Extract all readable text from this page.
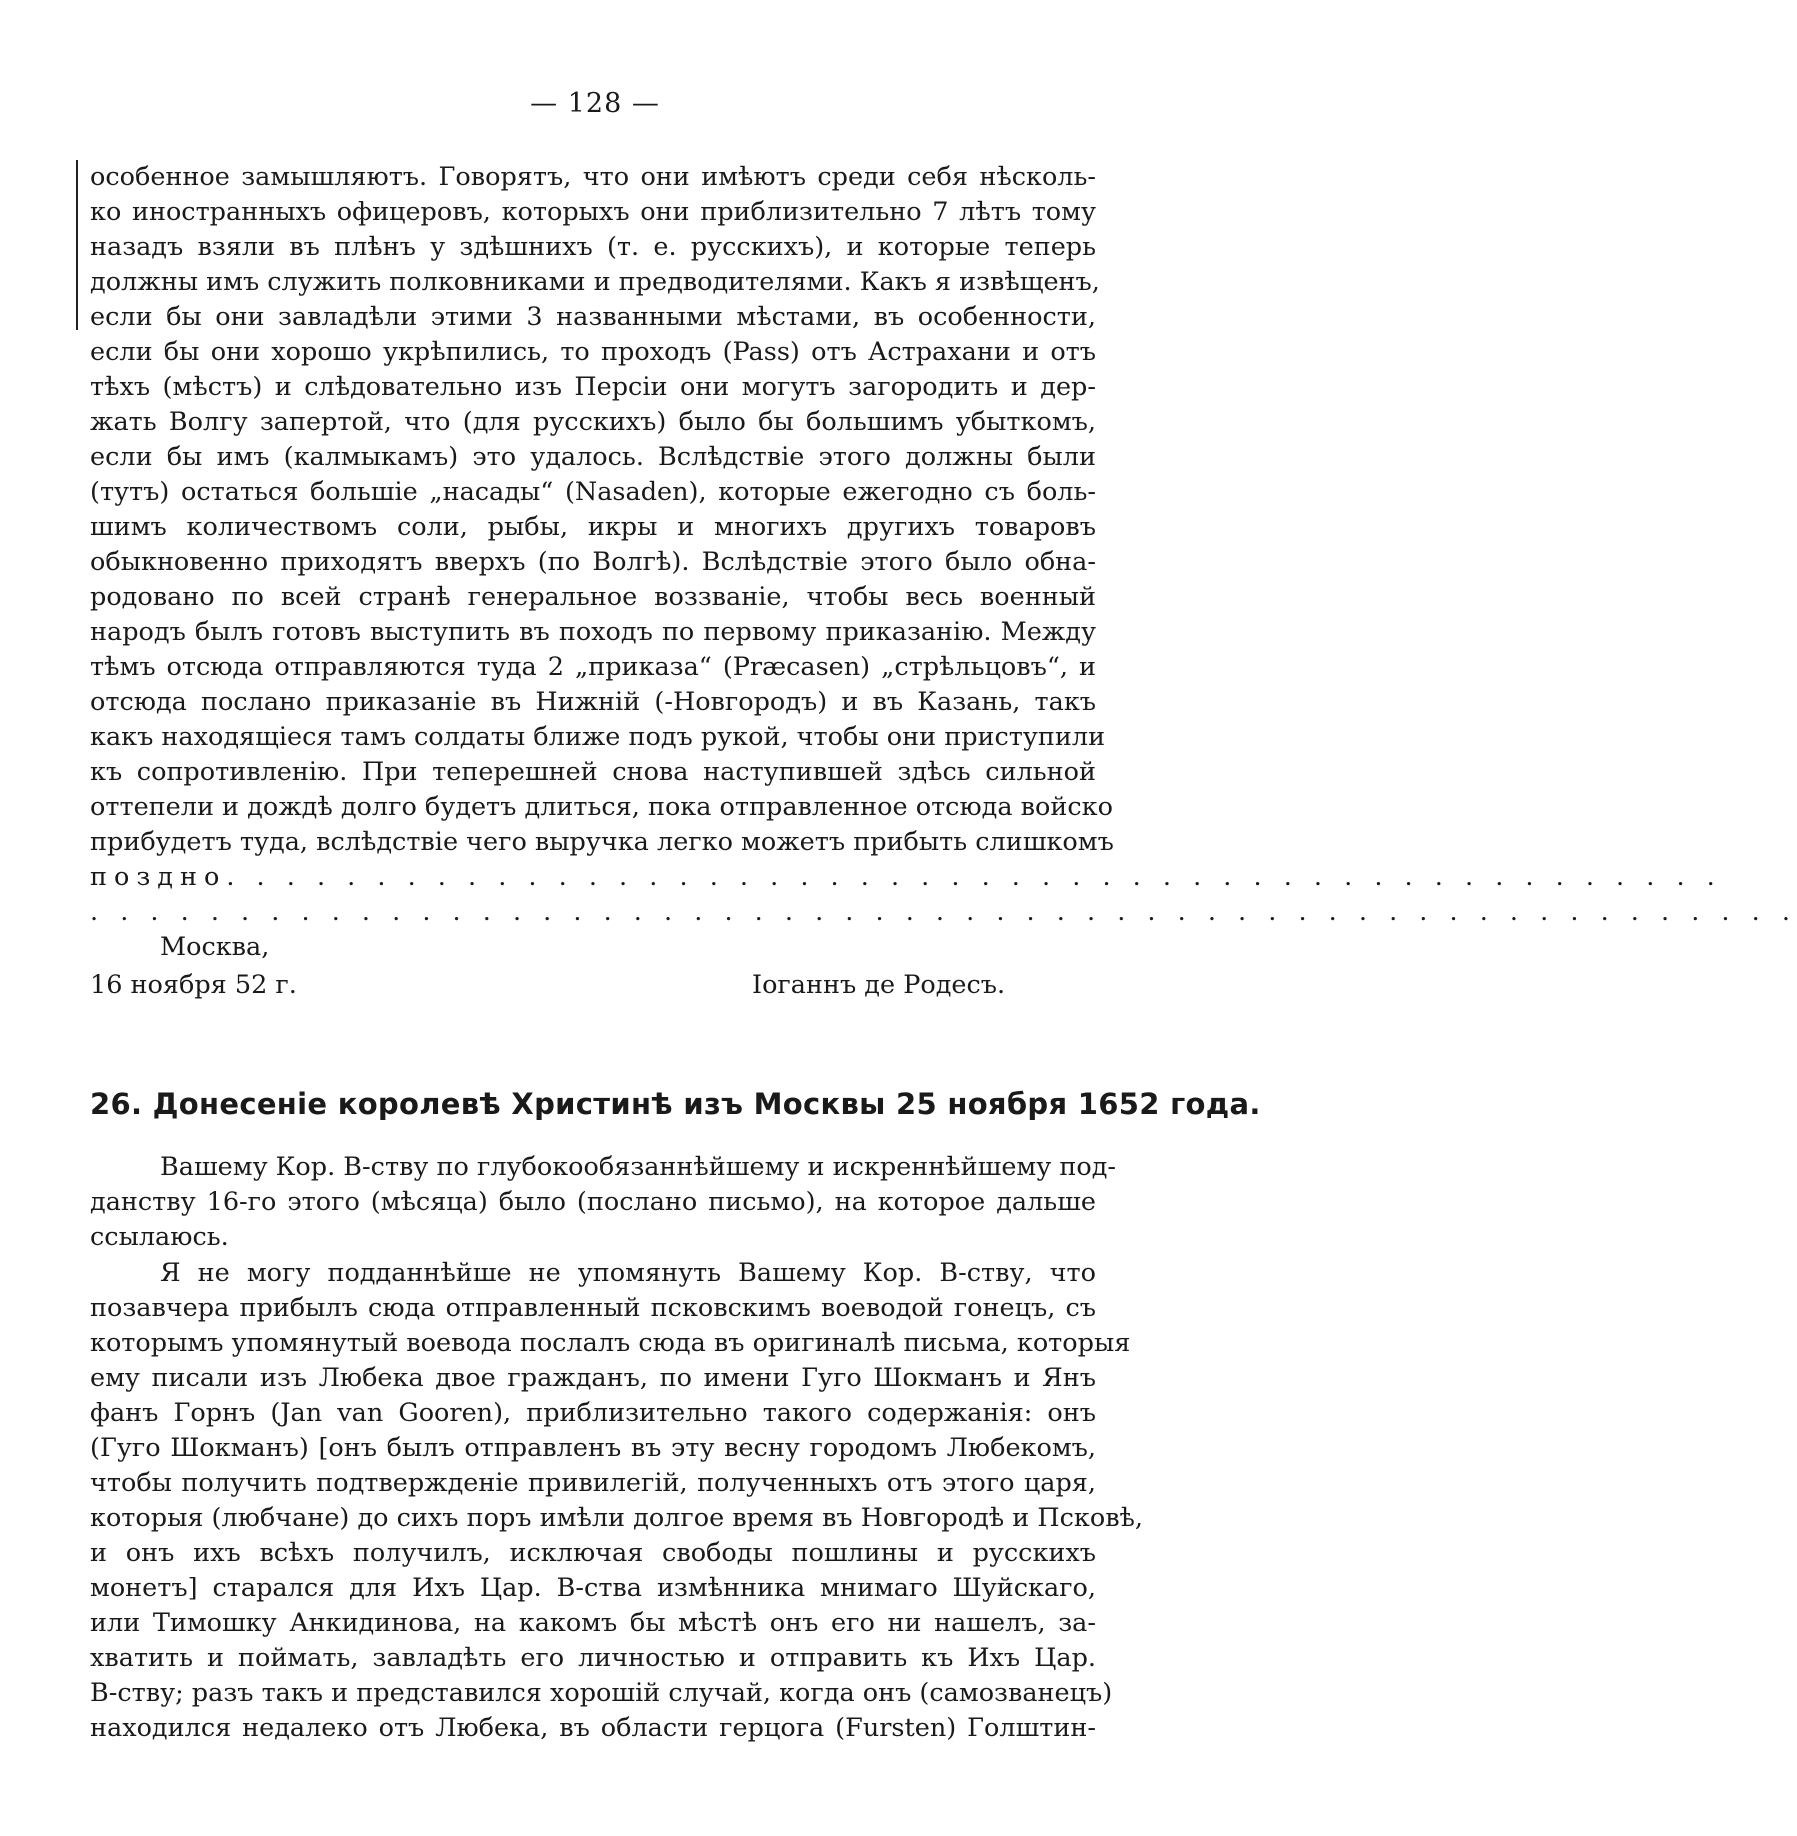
— 128 —
особенное замышляютъ. Говорятъ, что они имѣютъ среди себя нѣсколь-
ко иностранныхъ офицеровъ, которыхъ они приблизительно 7 лѣтъ тому
назадъ взяли въ плѣнъ у здѣшнихъ (т. е. русскихъ), и которые теперь
должны имъ служить полковниками и предводителями. Какъ я извѣщенъ,
если бы они завладѣли этими 3 названными мѣстами, въ особенности,
если бы они хорошо укрѣпились, то проходъ (Pass) отъ Астрахани и отъ
тѣхъ (мѣстъ) и слѣдовательно изъ Персіи они могутъ загородить и дер-
жать Волгу запертой, что (для русскихъ) было бы большимъ убыткомъ,
если бы имъ (калмыкамъ) это удалось. Вслѣдствіе этого должны были
(тутъ) остаться большіе „насады“ (Nasaden), которые ежегодно съ боль-
шимъ количествомъ соли, рыбы, икры и многихъ другихъ товаровъ
обыкновенно приходятъ вверхъ (по Волгѣ). Вслѣдствіе этого было обна-
родовано по всей странѣ генеральное воззваніе, чтобы весь военный
народъ былъ готовъ выступить въ походъ по первому приказанію. Между
тѣмъ отсюда отправляются туда 2 „приказа“ (Præcasen) „стрѣльцовъ“, и
отсюда послано приказаніе въ Нижній (-Новгородъ) и въ Казань, такъ
какъ находящіеся тамъ солдаты ближе подъ рукой, чтобы они приступили
къ сопротивленію. При теперешней снова наступившей здѣсь сильной
оттепели и дождѣ долго будетъ длиться, пока отправленное отсюда войско
прибудетъ туда, вслѣдствіе чего выручка легко можетъ прибыть слишкомъ
поздно. . . . . . . . . . . . . . . . . . . . . . . . . . . . . . . . . . . . . . . . . . . . . . . . . .
. . . . . . . . . . . . . . . . . . . . . . . . . . . . . . . . . . . . . . . . . . . . . . . . . . . . . . . . .
Москва,
16 ноября 52 г.	Іоганнъ де Родесъ.
26. Донесеніе королевѣ Христинѣ изъ Москвы 25 ноября 1652 года.
Вашему Кор. В-ству по глубокообязаннѣйшему и искреннѣйшему под-
данству 16-го этого (мѣсяца) было (послано письмо), на которое дальше
ссылаюсь.
Я не могу подданнѣйше не упомянуть Вашему Кор. В-ству, что
позавчера прибылъ сюда отправленный псковскимъ воеводой гонецъ, съ
которымъ упомянутый воевода послалъ сюда въ оригиналѣ письма, которыя
ему писали изъ Любека двое гражданъ, по имени Гуго Шокманъ и Янъ
фанъ Горнъ (Jan van Gooren), приблизительно такого содержанія: онъ
(Гуго Шокманъ) [онъ былъ отправленъ въ эту весну городомъ Любекомъ,
чтобы получить подтвержденіе привилегій, полученныхъ отъ этого царя,
которыя (любчане) до сихъ поръ имѣли долгое время въ Новгородѣ и Псковѣ,
и онъ ихъ всѣхъ получилъ, исключая свободы пошлины и русскихъ
монетъ] старался для Ихъ Цар. В-ства измѣнника мнимаго Шуйскаго,
или Тимошку Анкидинова, на какомъ бы мѣстѣ онъ его ни нашелъ, за-
хватить и поймать, завладѣть его личностью и отправить къ Ихъ Цар.
В-ству; разъ такъ и представился хорошій случай, когда онъ (самозванецъ)
находился недалеко отъ Любека, въ области герцога (Fursten) Голштин-
